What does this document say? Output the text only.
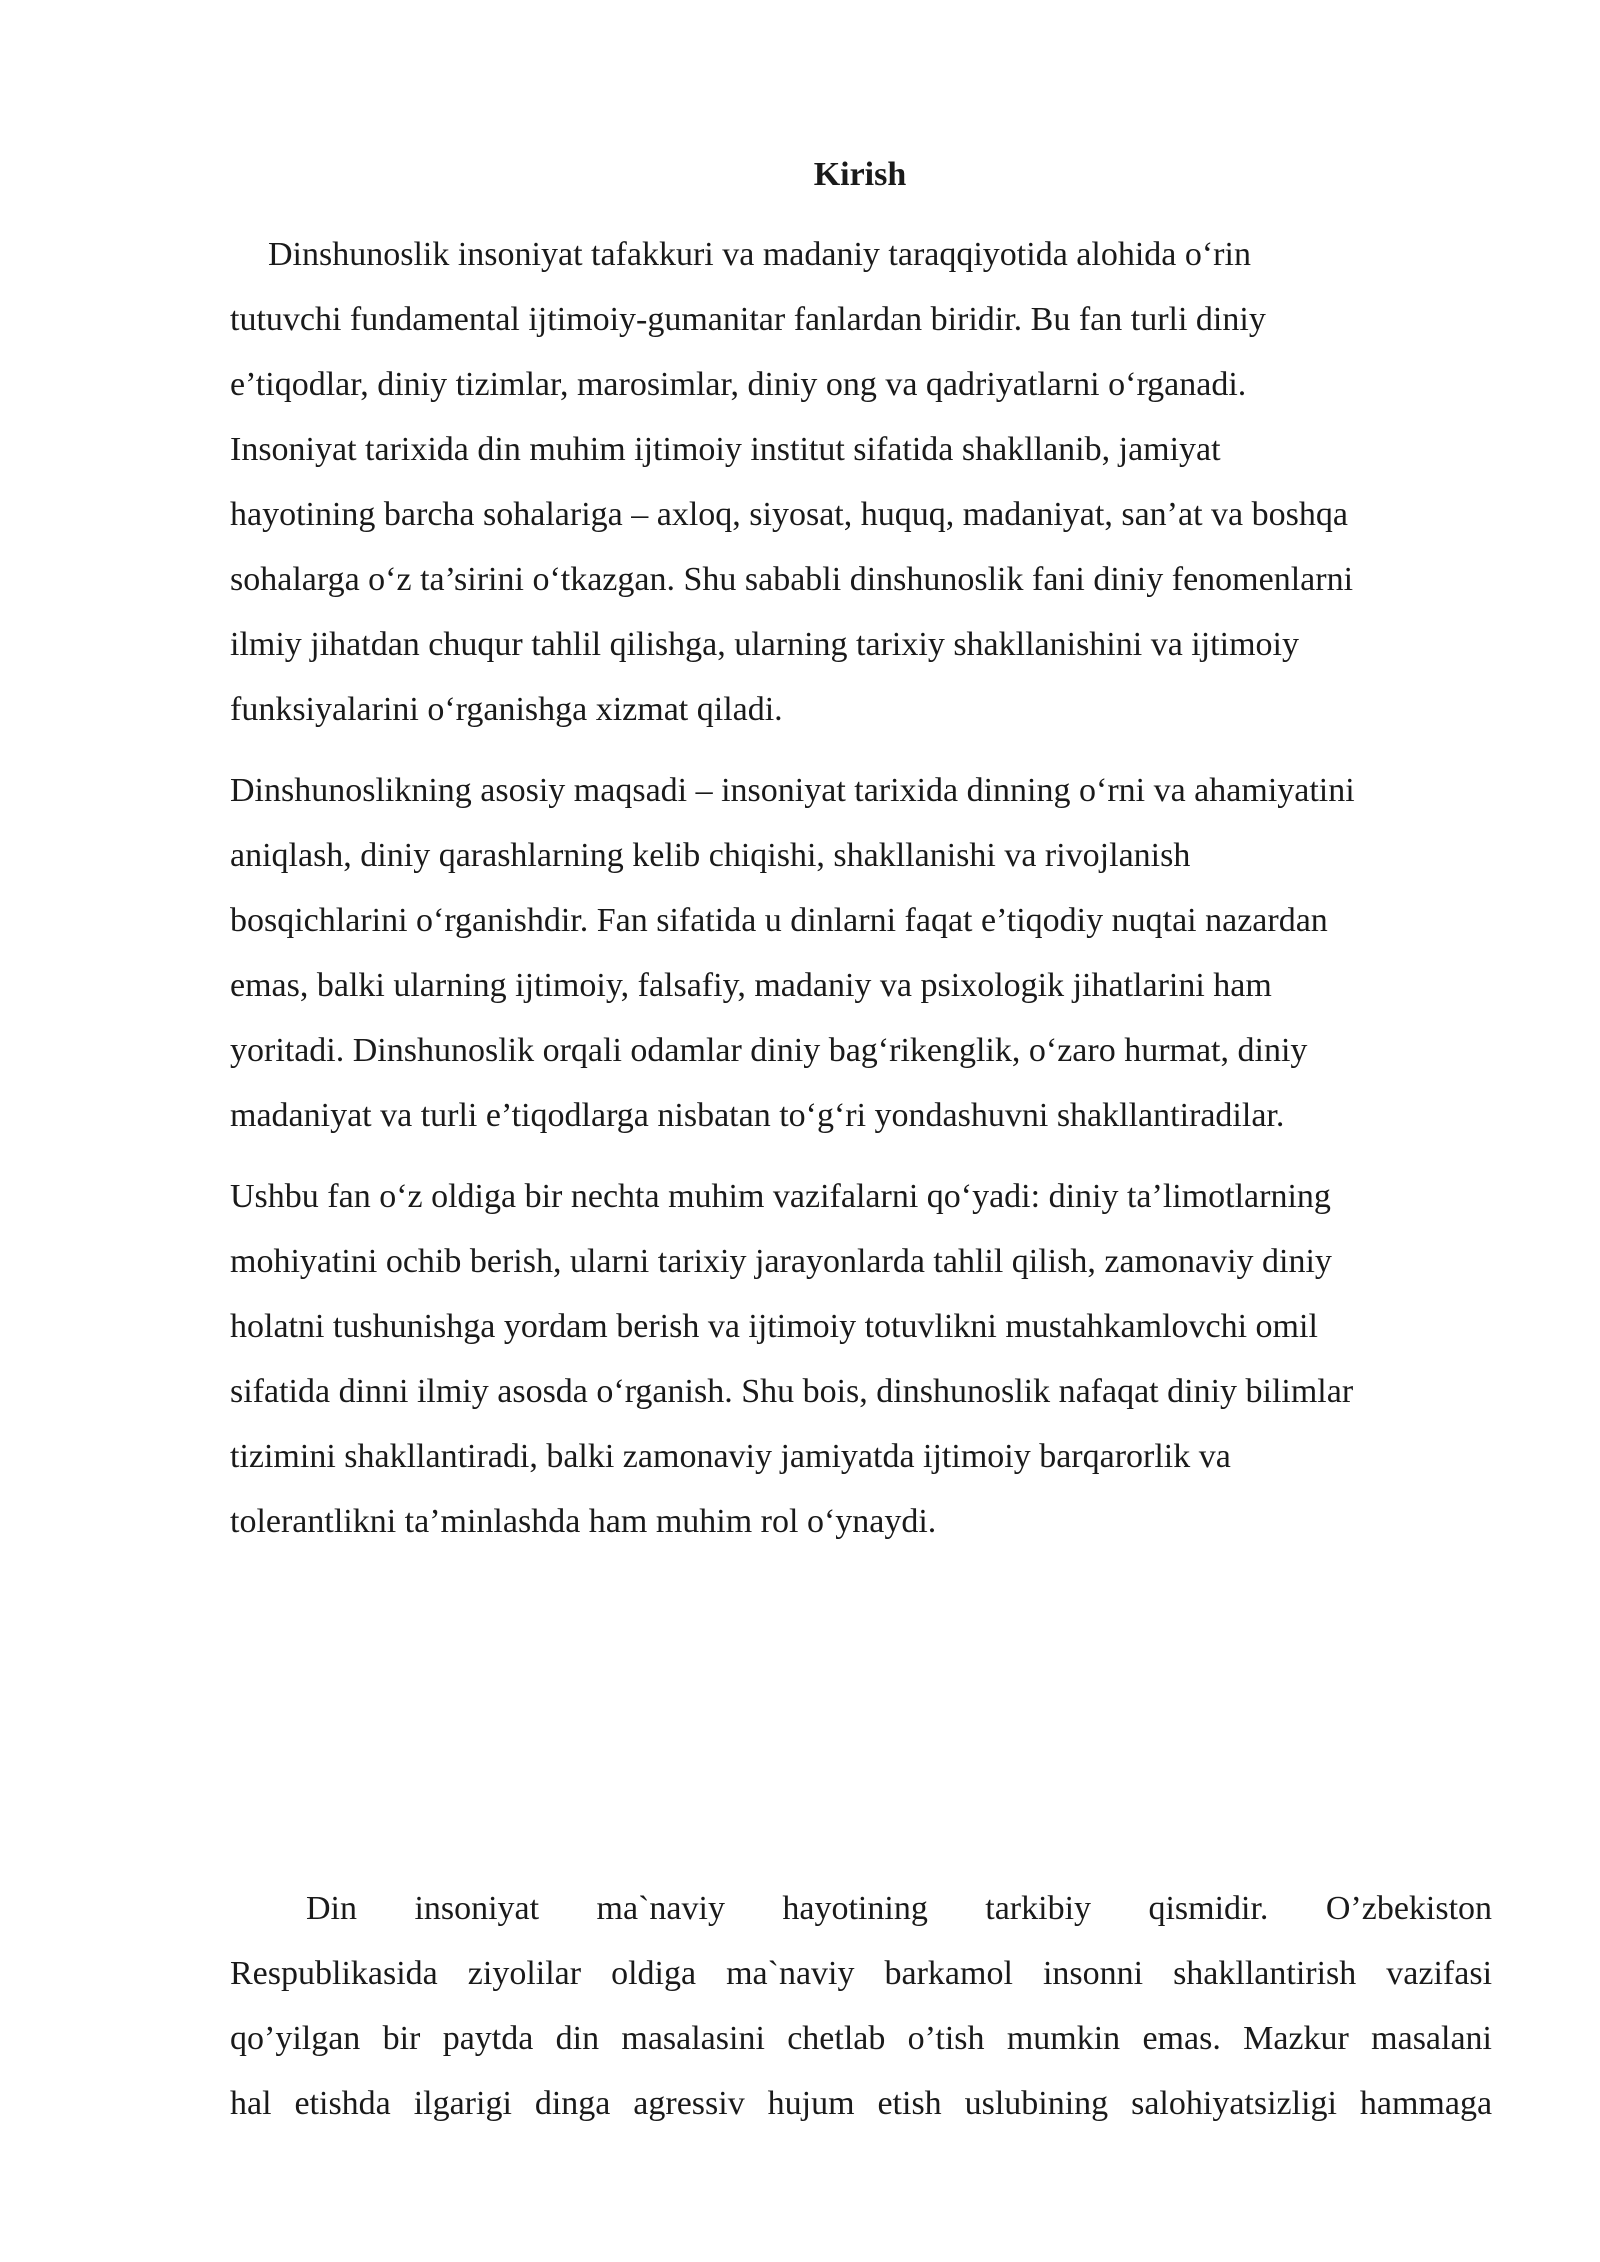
Kirish
Dinshunoslik insoniyat tafakkuri va madaniy taraqqiyotida alohida o‘rin
tutuvchi fundamental ijtimoiy-gumanitar fanlardan biridir. Bu fan turli diniy
e’tiqodlar, diniy tizimlar, marosimlar, diniy ong va qadriyatlarni o‘rganadi.
Insoniyat tarixida din muhim ijtimoiy institut sifatida shakllanib, jamiyat
hayotining barcha sohalariga – axloq, siyosat, huquq, madaniyat, san’at va boshqa
sohalarga o‘z ta’sirini o‘tkazgan. Shu sababli dinshunoslik fani diniy fenomenlarni
ilmiy jihatdan chuqur tahlil qilishga, ularning tarixiy shakllanishini va ijtimoiy
funksiyalarini o‘rganishga xizmat qiladi.
Dinshunoslikning asosiy maqsadi – insoniyat tarixida dinning o‘rni va ahamiyatini
aniqlash, diniy qarashlarning kelib chiqishi, shakllanishi va rivojlanish
bosqichlarini o‘rganishdir. Fan sifatida u dinlarni faqat e’tiqodiy nuqtai nazardan
emas, balki ularning ijtimoiy, falsafiy, madaniy va psixologik jihatlarini ham
yoritadi. Dinshunoslik orqali odamlar diniy bag‘rikenglik, o‘zaro hurmat, diniy
madaniyat va turli e’tiqodlarga nisbatan to‘g‘ri yondashuvni shakllantiradilar.
Ushbu fan o‘z oldiga bir nechta muhim vazifalarni qo‘yadi: diniy ta’limotlarning
mohiyatini ochib berish, ularni tarixiy jarayonlarda tahlil qilish, zamonaviy diniy
holatni tushunishga yordam berish va ijtimoiy totuvlikni mustahkamlovchi omil
sifatida dinni ilmiy asosda o‘rganish. Shu bois, dinshunoslik nafaqat diniy bilimlar
tizimini shakllantiradi, balki zamonaviy jamiyatda ijtimoiy barqarorlik va
tolerantlikni ta’minlashda ham muhim rol o‘ynaydi.
Din insoniyat ma`naviy hayotining tarkibiy qismidir. O’zbekiston
Respublikasida ziyolilar oldiga ma`naviy barkamol insonni shakllantirish vazifasi
qo’yilgan bir paytda din masalasini chetlab o’tish mumkin emas. Mazkur masalani
hal etishda ilgarigi dinga agressiv hujum etish uslubining salohiyatsizligi hammaga
